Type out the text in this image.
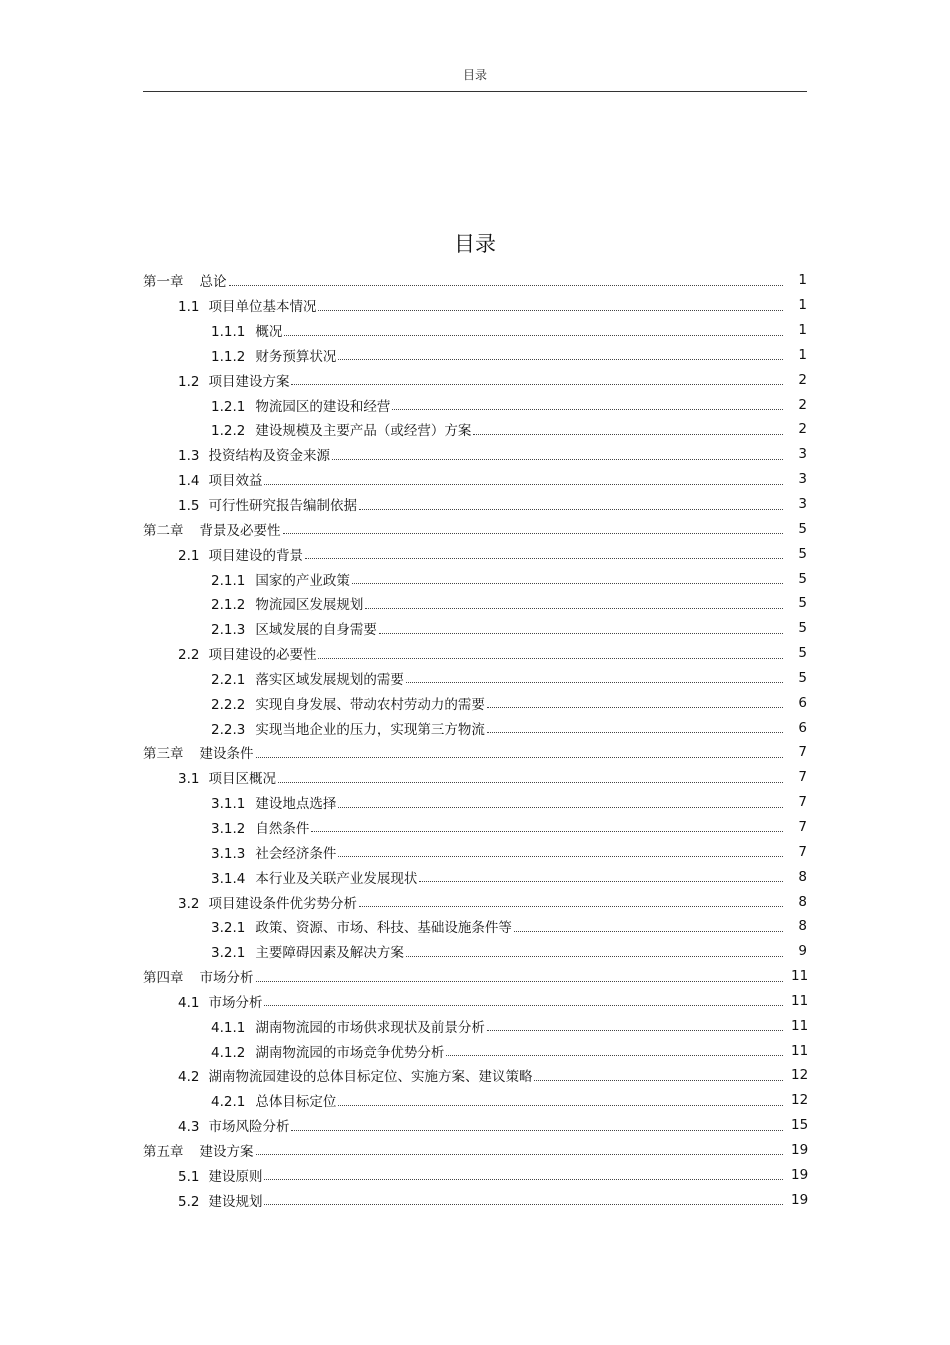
目录
目录
第一章 总论	1
1.1 项目单位基本情况	1
1.1.1 概况	1
1.1.2 财务预算状况	1
1.2 项目建设方案	2
1.2.1 物流园区的建设和经营	2
1.2.2 建设规模及主要产品（或经营）方案	2
1.3 投资结构及资金来源	3
1.4 项目效益	3
1.5 可行性研究报告编制依据	3
第二章 背景及必要性	5
2.1 项目建设的背景	5
2.1.1 国家的产业政策	5
2.1.2 物流园区发展规划	5
2.1.3 区域发展的自身需要	5
2.2 项目建设的必要性	5
2.2.1 落实区域发展规划的需要	5
2.2.2 实现自身发展、带动农村劳动力的需要	6
2.2.3 实现当地企业的压力，实现第三方物流	6
第三章 建设条件	7
3.1 项目区概况	7
3.1.1 建设地点选择	7
3.1.2 自然条件	7
3.1.3 社会经济条件	7
3.1.4 本行业及关联产业发展现状	8
3.2 项目建设条件优劣势分析	8
3.2.1 政策、资源、市场、科技、基础设施条件等	8
3.2.1 主要障碍因素及解决方案	9
第四章 市场分析	11
4.1 市场分析	11
4.1.1 湖南物流园的市场供求现状及前景分析	11
4.1.2 湖南物流园的市场竞争优势分析	11
4.2 湖南物流园建设的总体目标定位、实施方案、建议策略	12
4.2.1 总体目标定位	12
4.3 市场风险分析	15
第五章 建设方案	19
5.1 建设原则	19
5.2 建设规划	19
